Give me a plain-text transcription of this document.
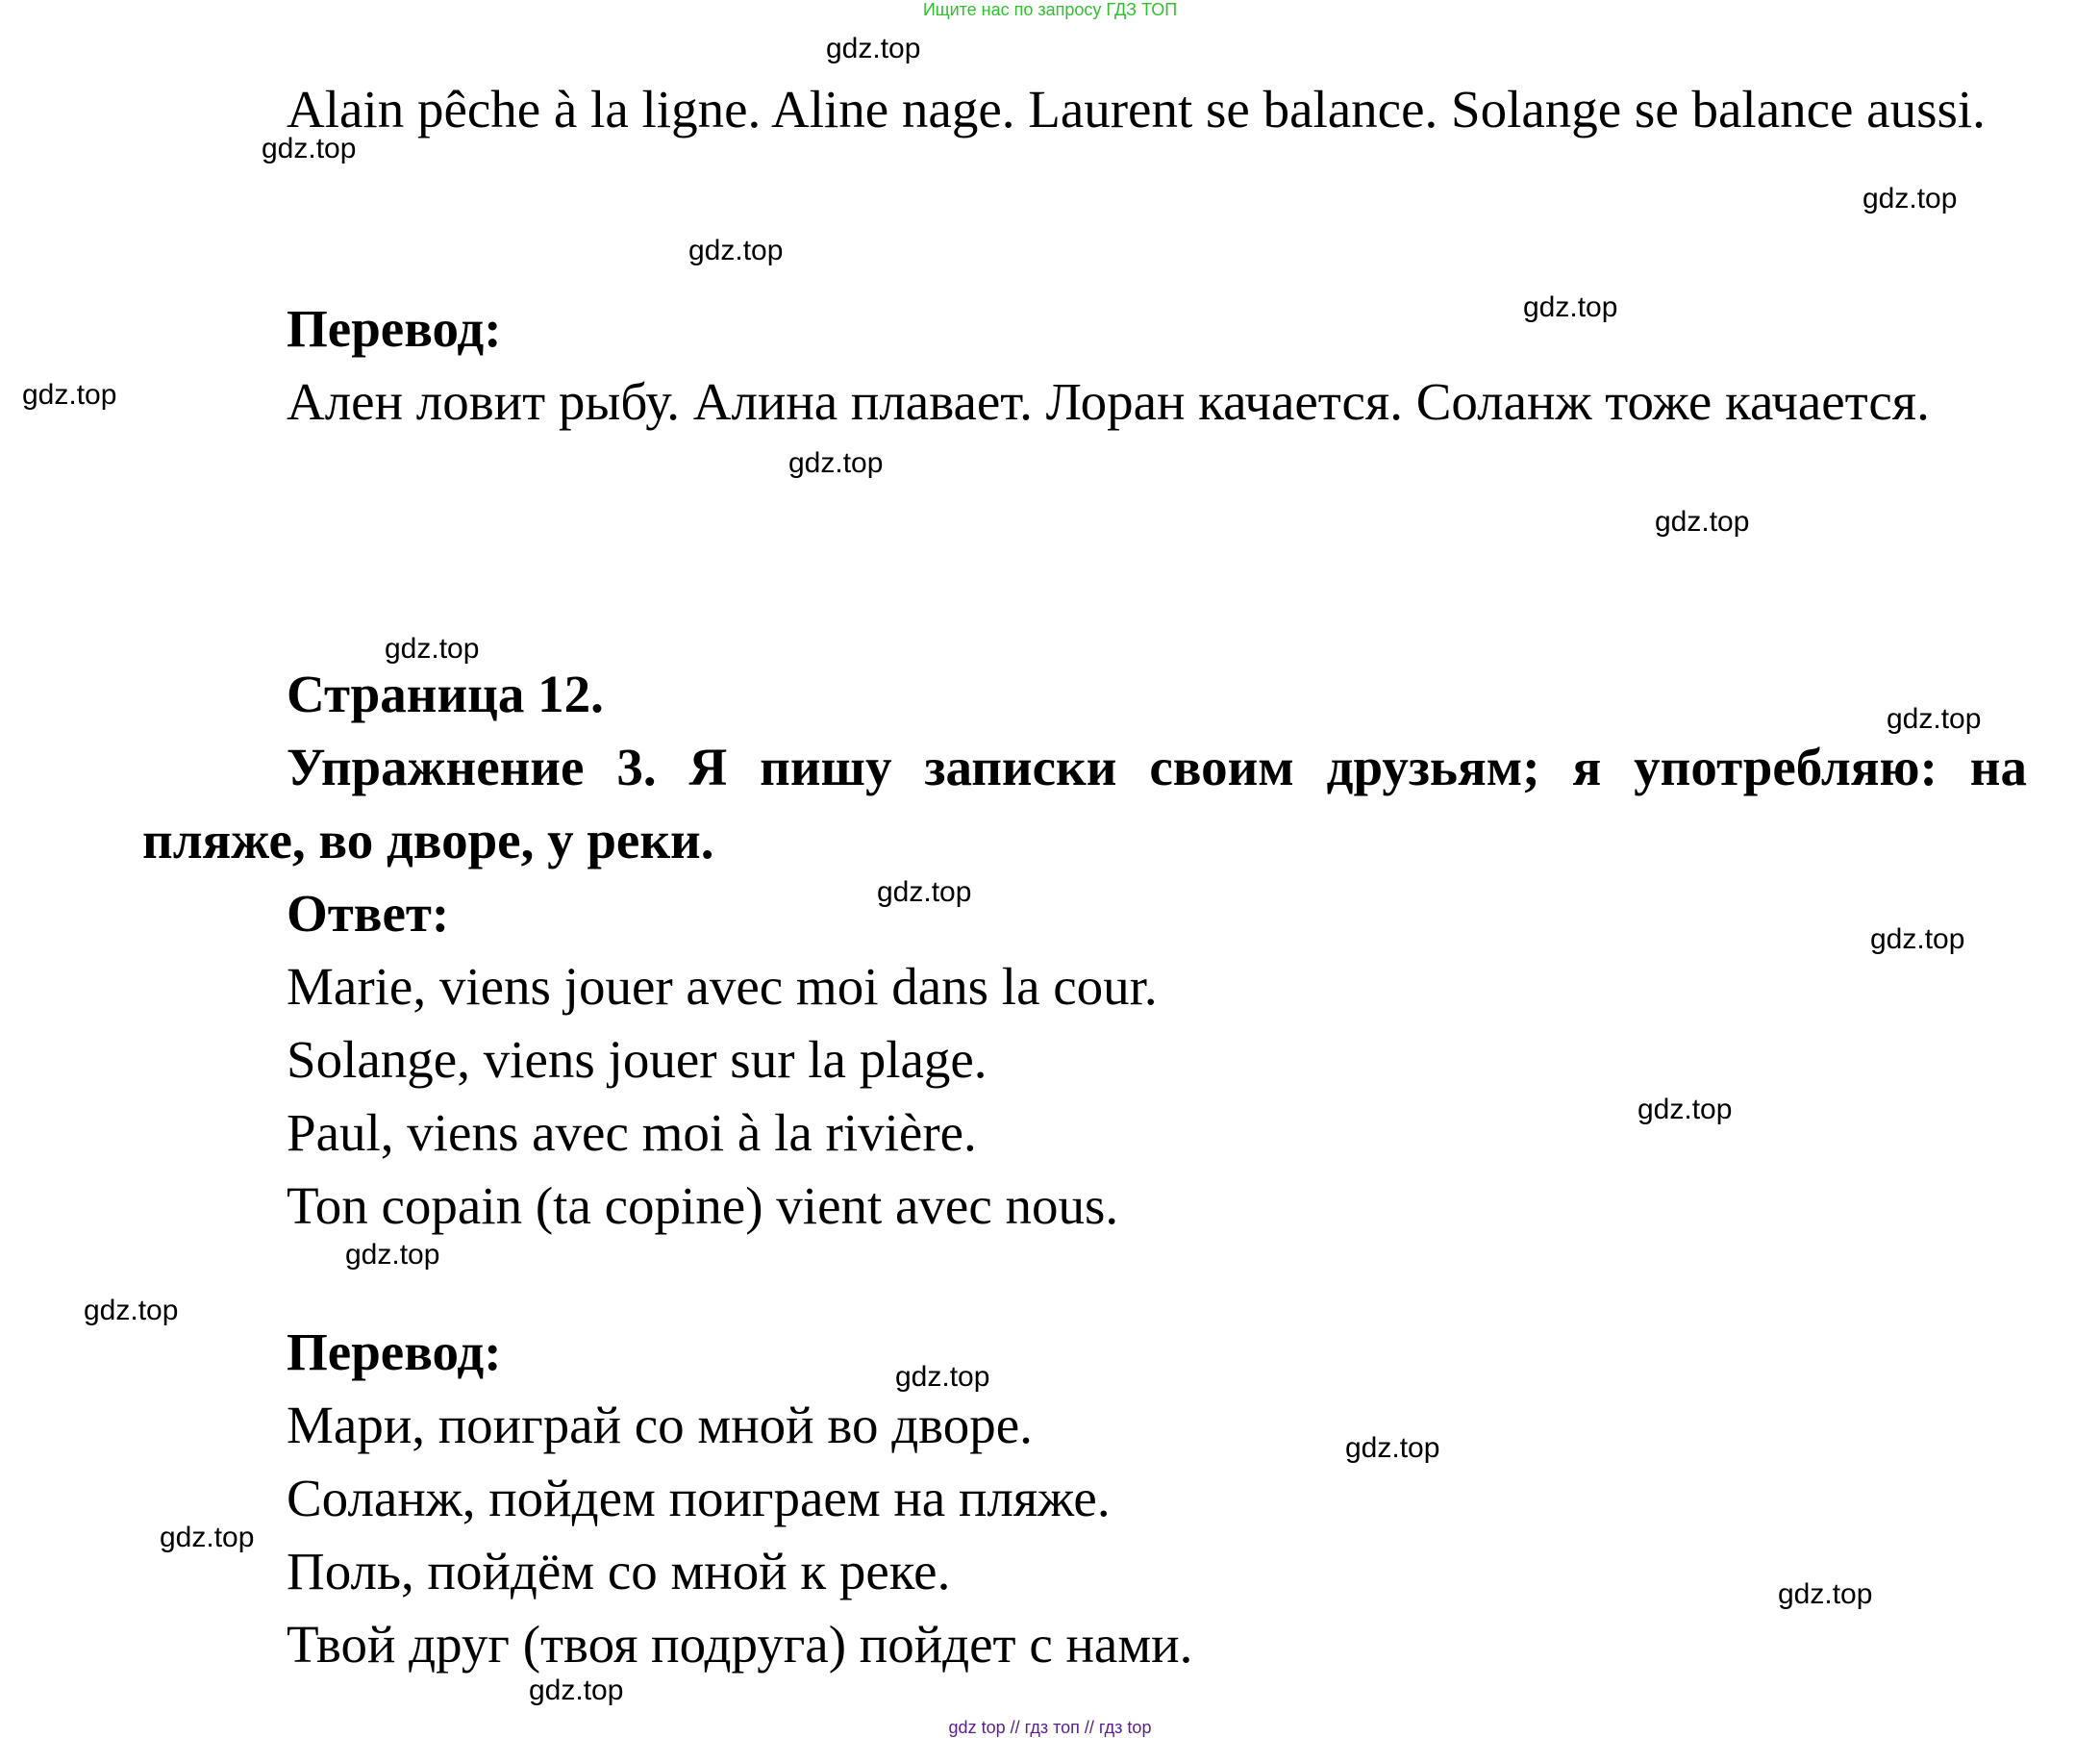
Ищите нас по запросу ГДЗ ТОП

Alain pêche à la ligne. Aline nage. Laurent se balance. Solange se balance aussi.

Перевод:

Ален ловит рыбу. Алина плавает. Лоран качается. Соланж тоже качается.

Страница 12.

Упражнение 3. Я пишу записки своим друзьям; я употребляю: на пляже, во дворе, у реки.

Ответ:

Marie, viens jouer avec moi dans la cour.

Solange, viens jouer sur la plage.

Paul, viens avec moi à la rivière.

Ton copain (ta copine) vient avec nous.

Перевод:

Мари, поиграй со мной во дворе.

Соланж, пойдем поиграем на пляже.

Поль, пойдём со мной к реке.

Твой друг (твоя подруга) пойдет с нами.

gdz.top
gdz.top
gdz.top
gdz.top
gdz.top
gdz.top
gdz.top
gdz.top
gdz.top
gdz.top
gdz.top
gdz.top
gdz.top
gdz.top
gdz.top
gdz.top
gdz.top
gdz.top
gdz.top
gdz.top
gdz top // гдз топ // гдз top
